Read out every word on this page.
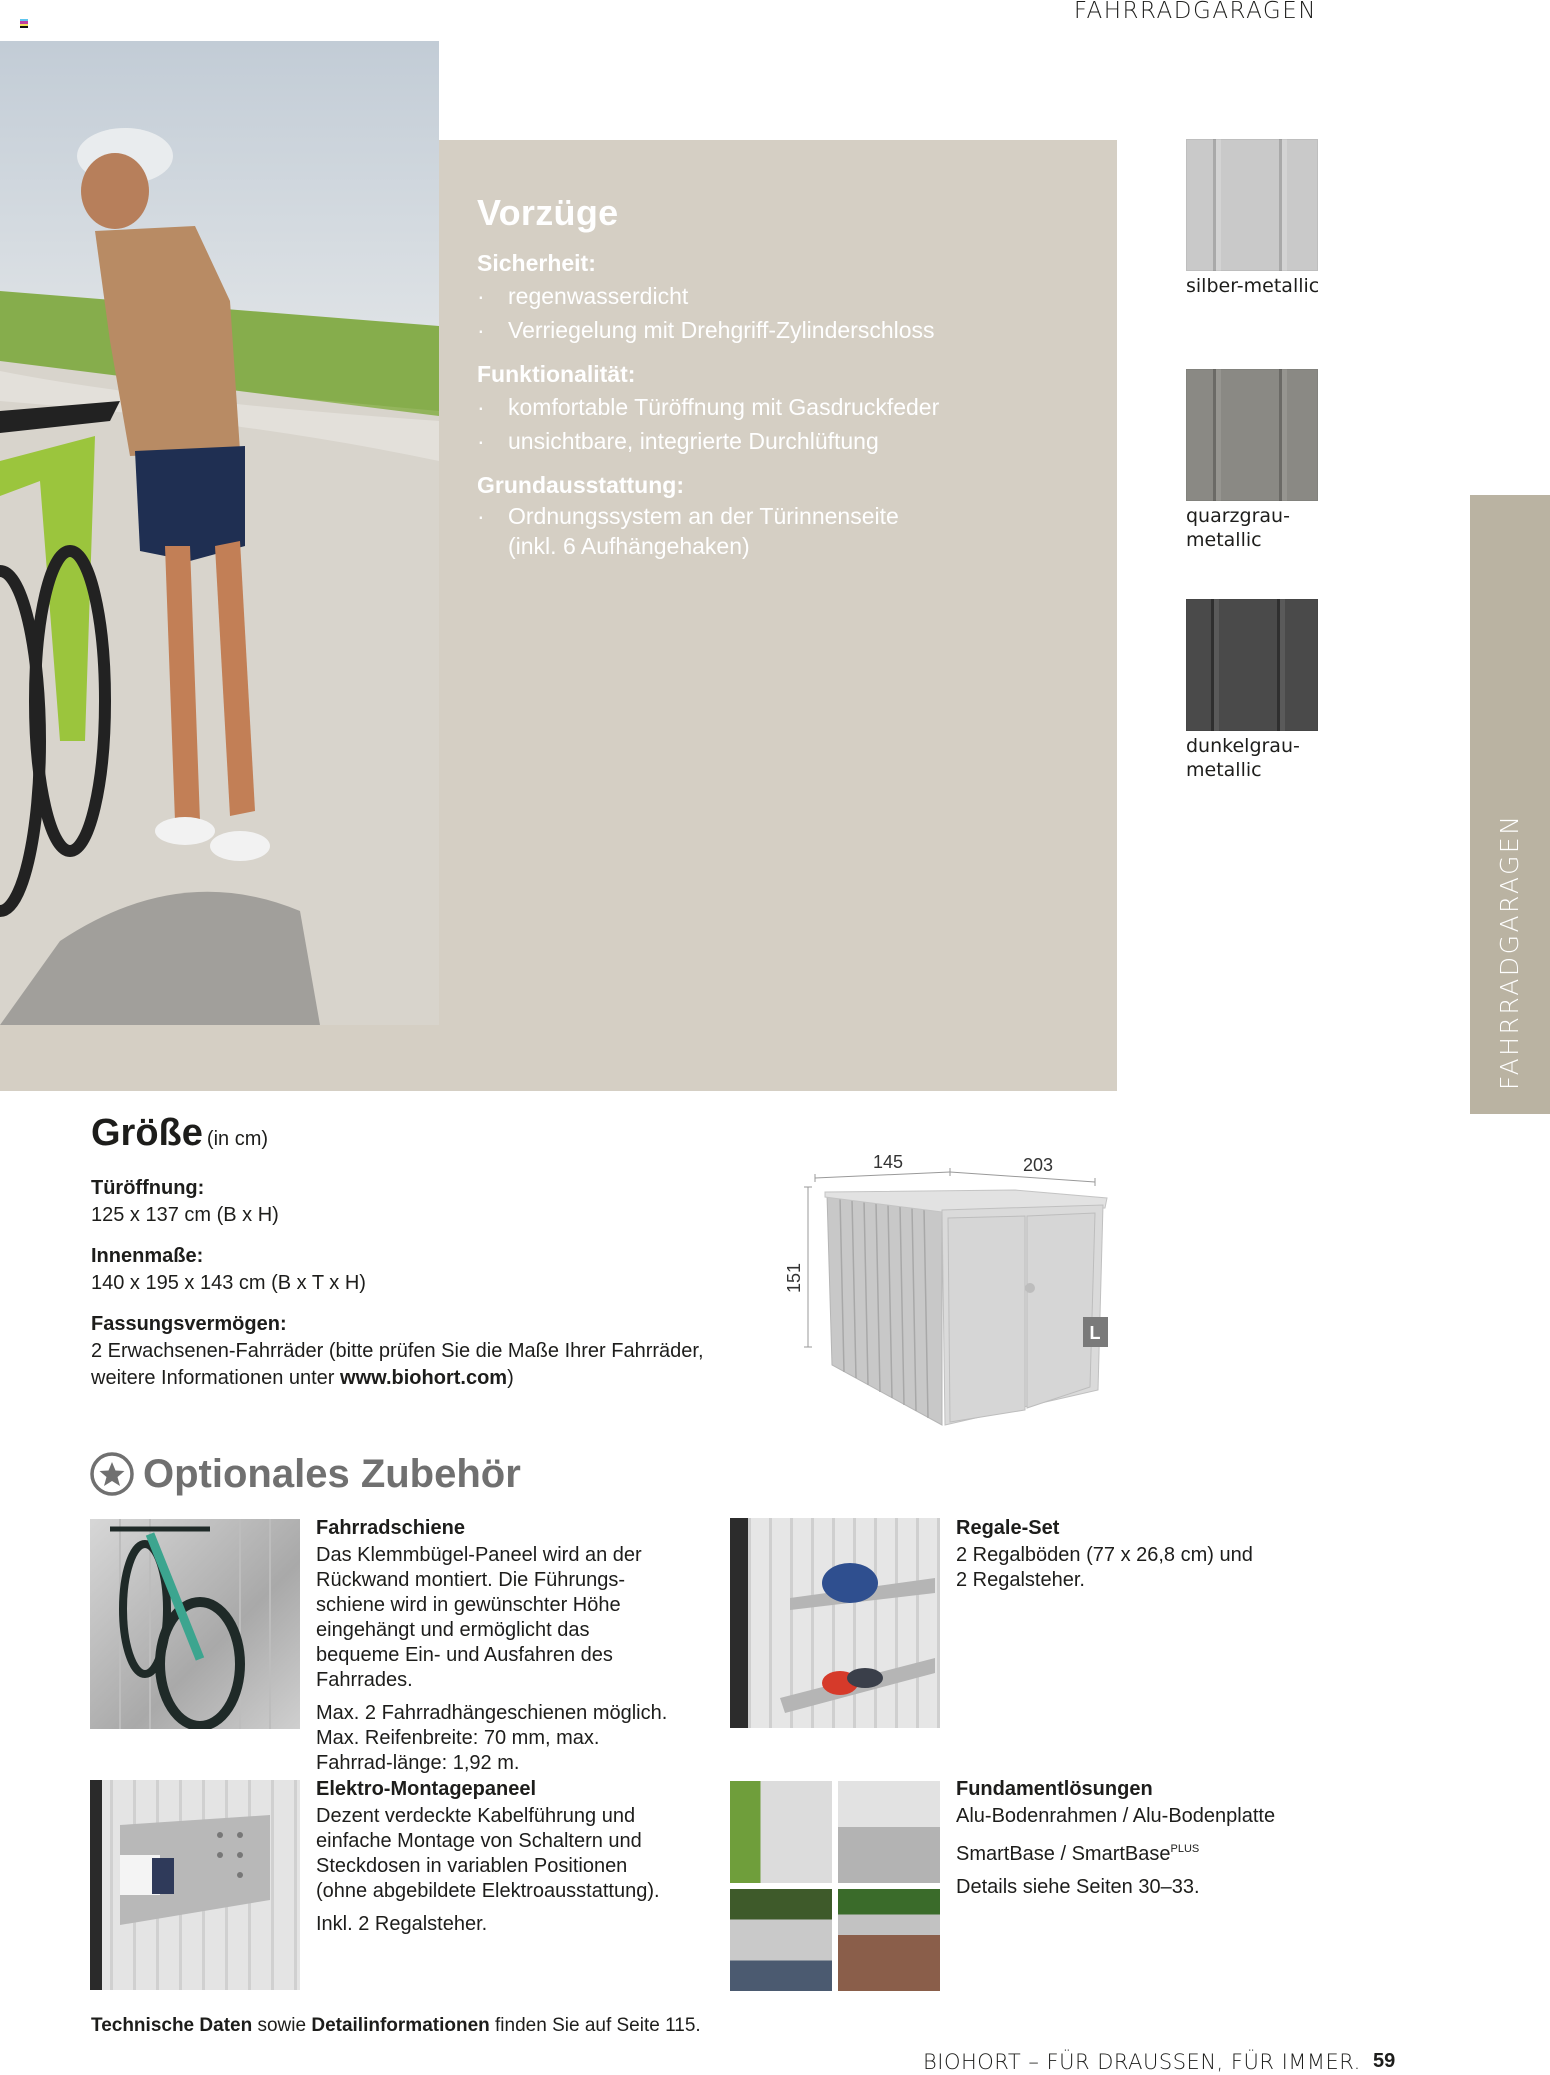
FAHRRADGARAGEN
Vorzüge
Sicherheit:
· regenwasserdicht
· Verriegelung mit Drehgriff-Zylinderschloss
Funktionalität:
· komfortable Türöffnung mit Gasdruckfeder
· unsichtbare, integrierte Durchlüftung
Grundausstattung:
· Ordnungssystem an der Türinnenseite
(inkl. 6 Aufhängehaken)
silber-metallic
quarzgrau-
metallic
dunkelgrau-
metallic
FAHRRADGARAGEN
Größe (in cm)
Türöffnung:
125 x 137 cm (B x H)
Innenmaße:
140 x 195 x 143 cm (B x T x H)
Fassungsvermögen:
2 Erwachsenen-Fahrräder (bitte prüfen Sie die Maße Ihrer Fahrräder,
weitere Informationen unter www.biohort.com)
145	203
151
L
Optionales Zubehör
Fahrradschiene

Das Klemmbügel-Paneel wird an der Rückwand montiert. Die Führungs-schiene wird in gewünschter Höhe eingehängt und ermöglicht das bequeme Ein- und Ausfahren des Fahrrades.

Max. 2 Fahrradhängeschienen möglich. Max. Reifenbreite: 70 mm, max. Fahrrad-länge: 1,92 m.

Regale-Set

2 Regalböden (77 x 26,8 cm) und 2 Regalsteher.

Elektro-Montagepaneel

Dezent verdeckte Kabelführung und einfache Montage von Schaltern und Steckdosen in variablen Positionen (ohne abgebildete Elektroausstattung).

Inkl. 2 Regalsteher.

Fundamentlösungen

Alu-Bodenrahmen / Alu-Bodenplatte

SmartBase / SmartBase$^{PLUS}$

Details siehe Seiten 30–33.

Technische Daten sowie Detailinformationen finden Sie auf Seite 115.
BIOHORT – FÜR DRAUSSEN, FÜR IMMER. 59
